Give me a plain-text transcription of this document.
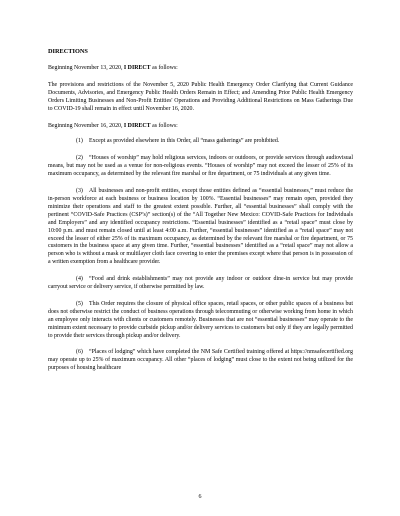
DIRECTIONS

Beginning November 13, 2020, I DIRECT as follows:

The provisions and restrictions of the November 5, 2020 Public Health Emergency Order Clarifying that Current Guidance Documents, Advisories, and Emergency Public Health Orders Remain in Effect; and Amending Prior Public Health Emergency Orders Limiting Businesses and Non-Profit Entities' Operations and Providing Additional Restrictions on Mass Gatherings Due to COVID-19 shall remain in effect until November 16, 2020.

Beginning November 16, 2020, I DIRECT as follows:

(1) Except as provided elsewhere in this Order, all “mass gatherings” are prohibited.

(2) “Houses of worship” may hold religious services, indoors or outdoors, or provide services through audiovisual means, but may not be used as a venue for non-religious events. “Houses of worship” may not exceed the lesser of 25% of its maximum occupancy, as determined by the relevant fire marshal or fire department, or 75 individuals at any given time.

(3) All businesses and non-profit entities, except those entities defined as “essential businesses,” must reduce the in-person workforce at each business or business location by 100%. “Essential businesses” may remain open, provided they minimize their operations and staff to the greatest extent possible. Further, all “essential businesses” shall comply with the pertinent “COVID-Safe Practices (CSP’s)” section(s) of the “All Together New Mexico: COVID-Safe Practices for Individuals and Employers” and any identified occupancy restrictions. “Essential businesses” identified as a “retail space” must close by 10:00 p.m. and must remain closed until at least 4:00 a.m. Further, “essential businesses” identified as a “retail space” may not exceed the lesser of either 25% of its maximum occupancy, as determined by the relevant fire marshal or fire department, or 75 customers in the business space at any given time. Further, “essential businesses” identified as a “retail space” may not allow a person who is without a mask or multilayer cloth face covering to enter the premises except where that person is in possession of a written exemption from a healthcare provider.

(4) “Food and drink establishments” may not provide any indoor or outdoor dine-in service but may provide carryout service or delivery service, if otherwise permitted by law.

(5) This Order requires the closure of physical office spaces, retail spaces, or other public spaces of a business but does not otherwise restrict the conduct of business operations through telecommuting or otherwise working from home in which an employee only interacts with clients or customers remotely. Businesses that are not “essential businesses” may operate to the minimum extent necessary to provide curbside pickup and/or delivery services to customers but only if they are legally permitted to provide their services through pickup and/or delivery.

(6) “Places of lodging” which have completed the NM Safe Certified training offered at https://nmsafecertified.org may operate up to 25% of maximum occupancy. All other “places of lodging” must close to the extent not being utilized for the purposes of housing healthcare

6
